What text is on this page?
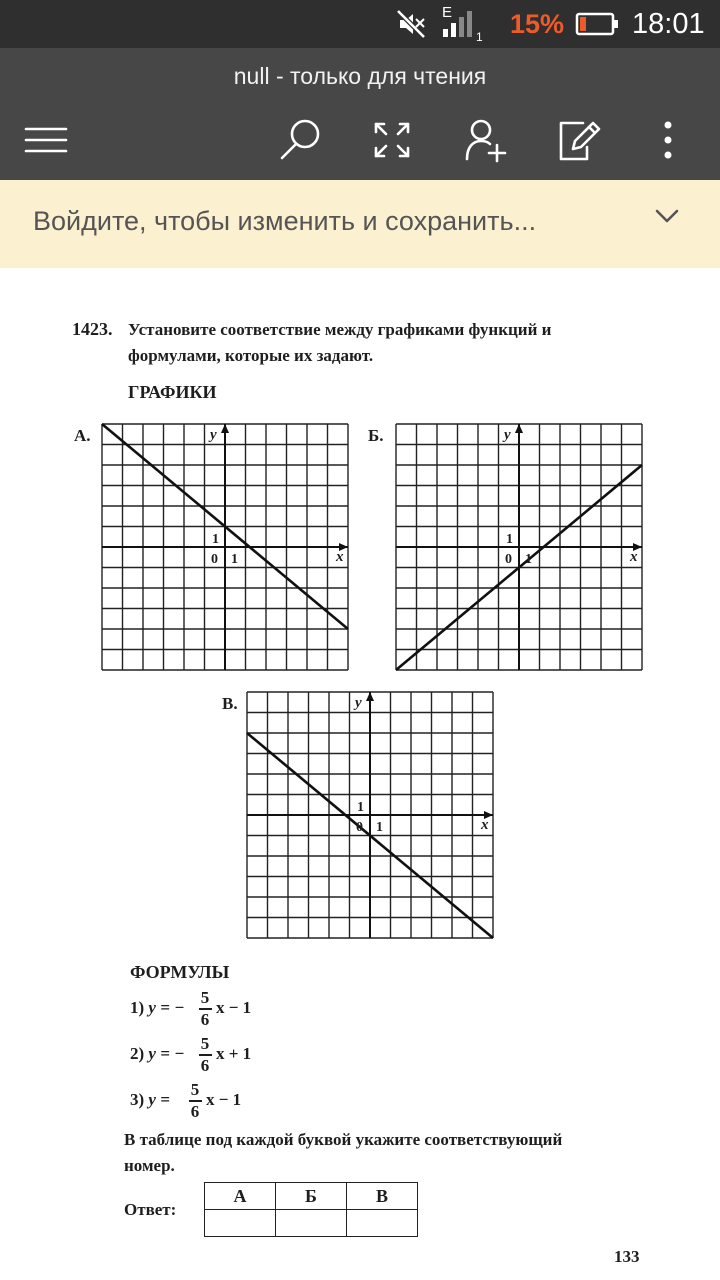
1
E 15% 18:01
null - только для чтения
Войдите, чтобы изменить и сохранить...
1423. Установите соответствие между графиками функций и
формулами, которые их задают.
ГРАФИКИ
А.	y
x
1
0 1
Б.	y
x
1
0 1
В.	y
x
1
0 1
ФОРМУЛЫ
1) y = −
5
6
x − 1
2) y = −
5
6
x + 1
3) y =
5
6
x − 1
В таблице под каждой буквой укажите соответствующий
номер.
Ответ:
А	Б	В

133
